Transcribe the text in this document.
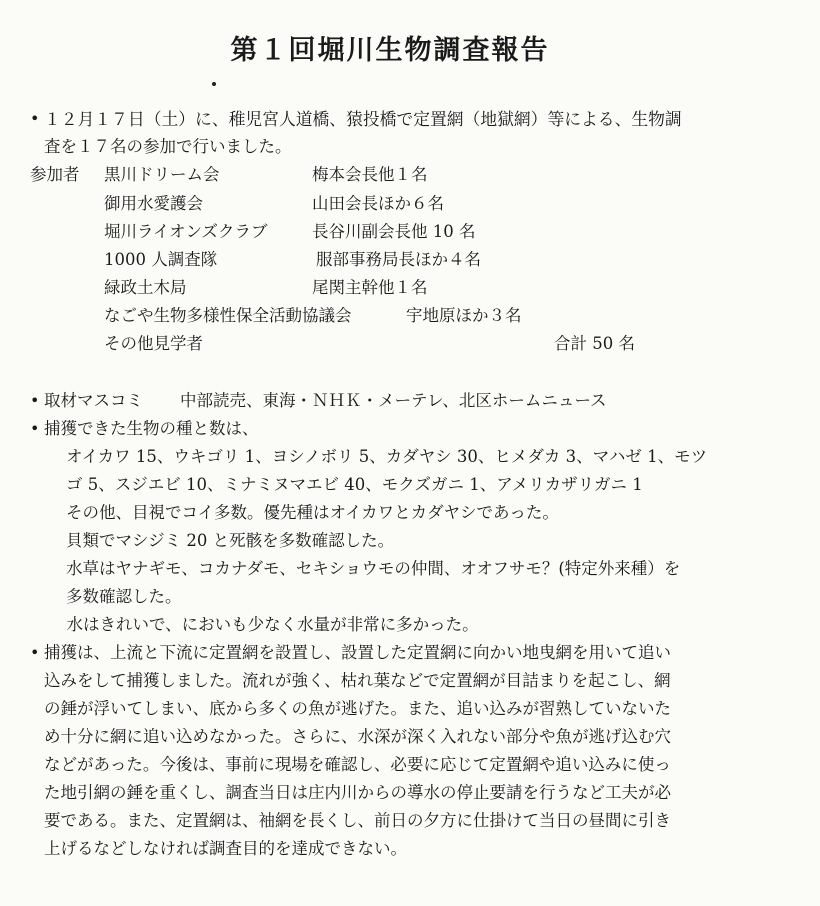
第１回堀川生物調査報告
• １２月１７日（土）に、稚児宮人道橋、猿投橋で定置網（地獄網）等による、生物調
査を１７名の参加で行いました。
参加者 黒川ドリーム会	梅本会長他１名
御用水愛護会	山田会長ほか６名
堀川ライオンズクラブ	長谷川副会長他 10 名
1000 人調査隊	服部事務局長ほか４名
緑政土木局	尾関主幹他１名
なごや生物多様性保全活動協議会	宇地原ほか３名
その他見学者	合計 50 名
• 取材マスコミ 中部読売、東海・ＮＨＫ・メーテレ、北区ホームニュース
• 捕獲できた生物の種と数は、
オイカワ 15、ウキゴリ 1、ヨシノボリ 5、カダヤシ 30、ヒメダカ 3、マハゼ 1、モツ
ゴ 5、スジエビ 10、ミナミヌマエビ 40、モクズガニ 1、アメリカザリガニ 1
その他、目視でコイ多数。優先種はオイカワとカダヤシであった。
貝類でマシジミ 20 と死骸を多数確認した。
水草はヤナギモ、コカナダモ、セキショウモの仲間、オオフサモ？(特定外来種）を
多数確認した。
　水はきれいで、においも少なく水量が非常に多かった。
• 捕獲は、上流と下流に定置網を設置し、設置した定置網に向かい地曳網を用いて追い
込みをして捕獲しました。流れが強く、枯れ葉などで定置網が目詰まりを起こし、網
の錘が浮いてしまい、底から多くの魚が逃げた。また、追い込みが習熟していないた
め十分に網に追い込めなかった。さらに、水深が深く入れない部分や魚が逃げ込む穴
などがあった。今後は、事前に現場を確認し、必要に応じて定置網や追い込みに使っ
た地引網の錘を重くし、調査当日は庄内川からの導水の停止要請を行うなど工夫が必
要である。また、定置網は、袖網を長くし、前日の夕方に仕掛けて当日の昼間に引き
上げるなどしなければ調査目的を達成できない。
